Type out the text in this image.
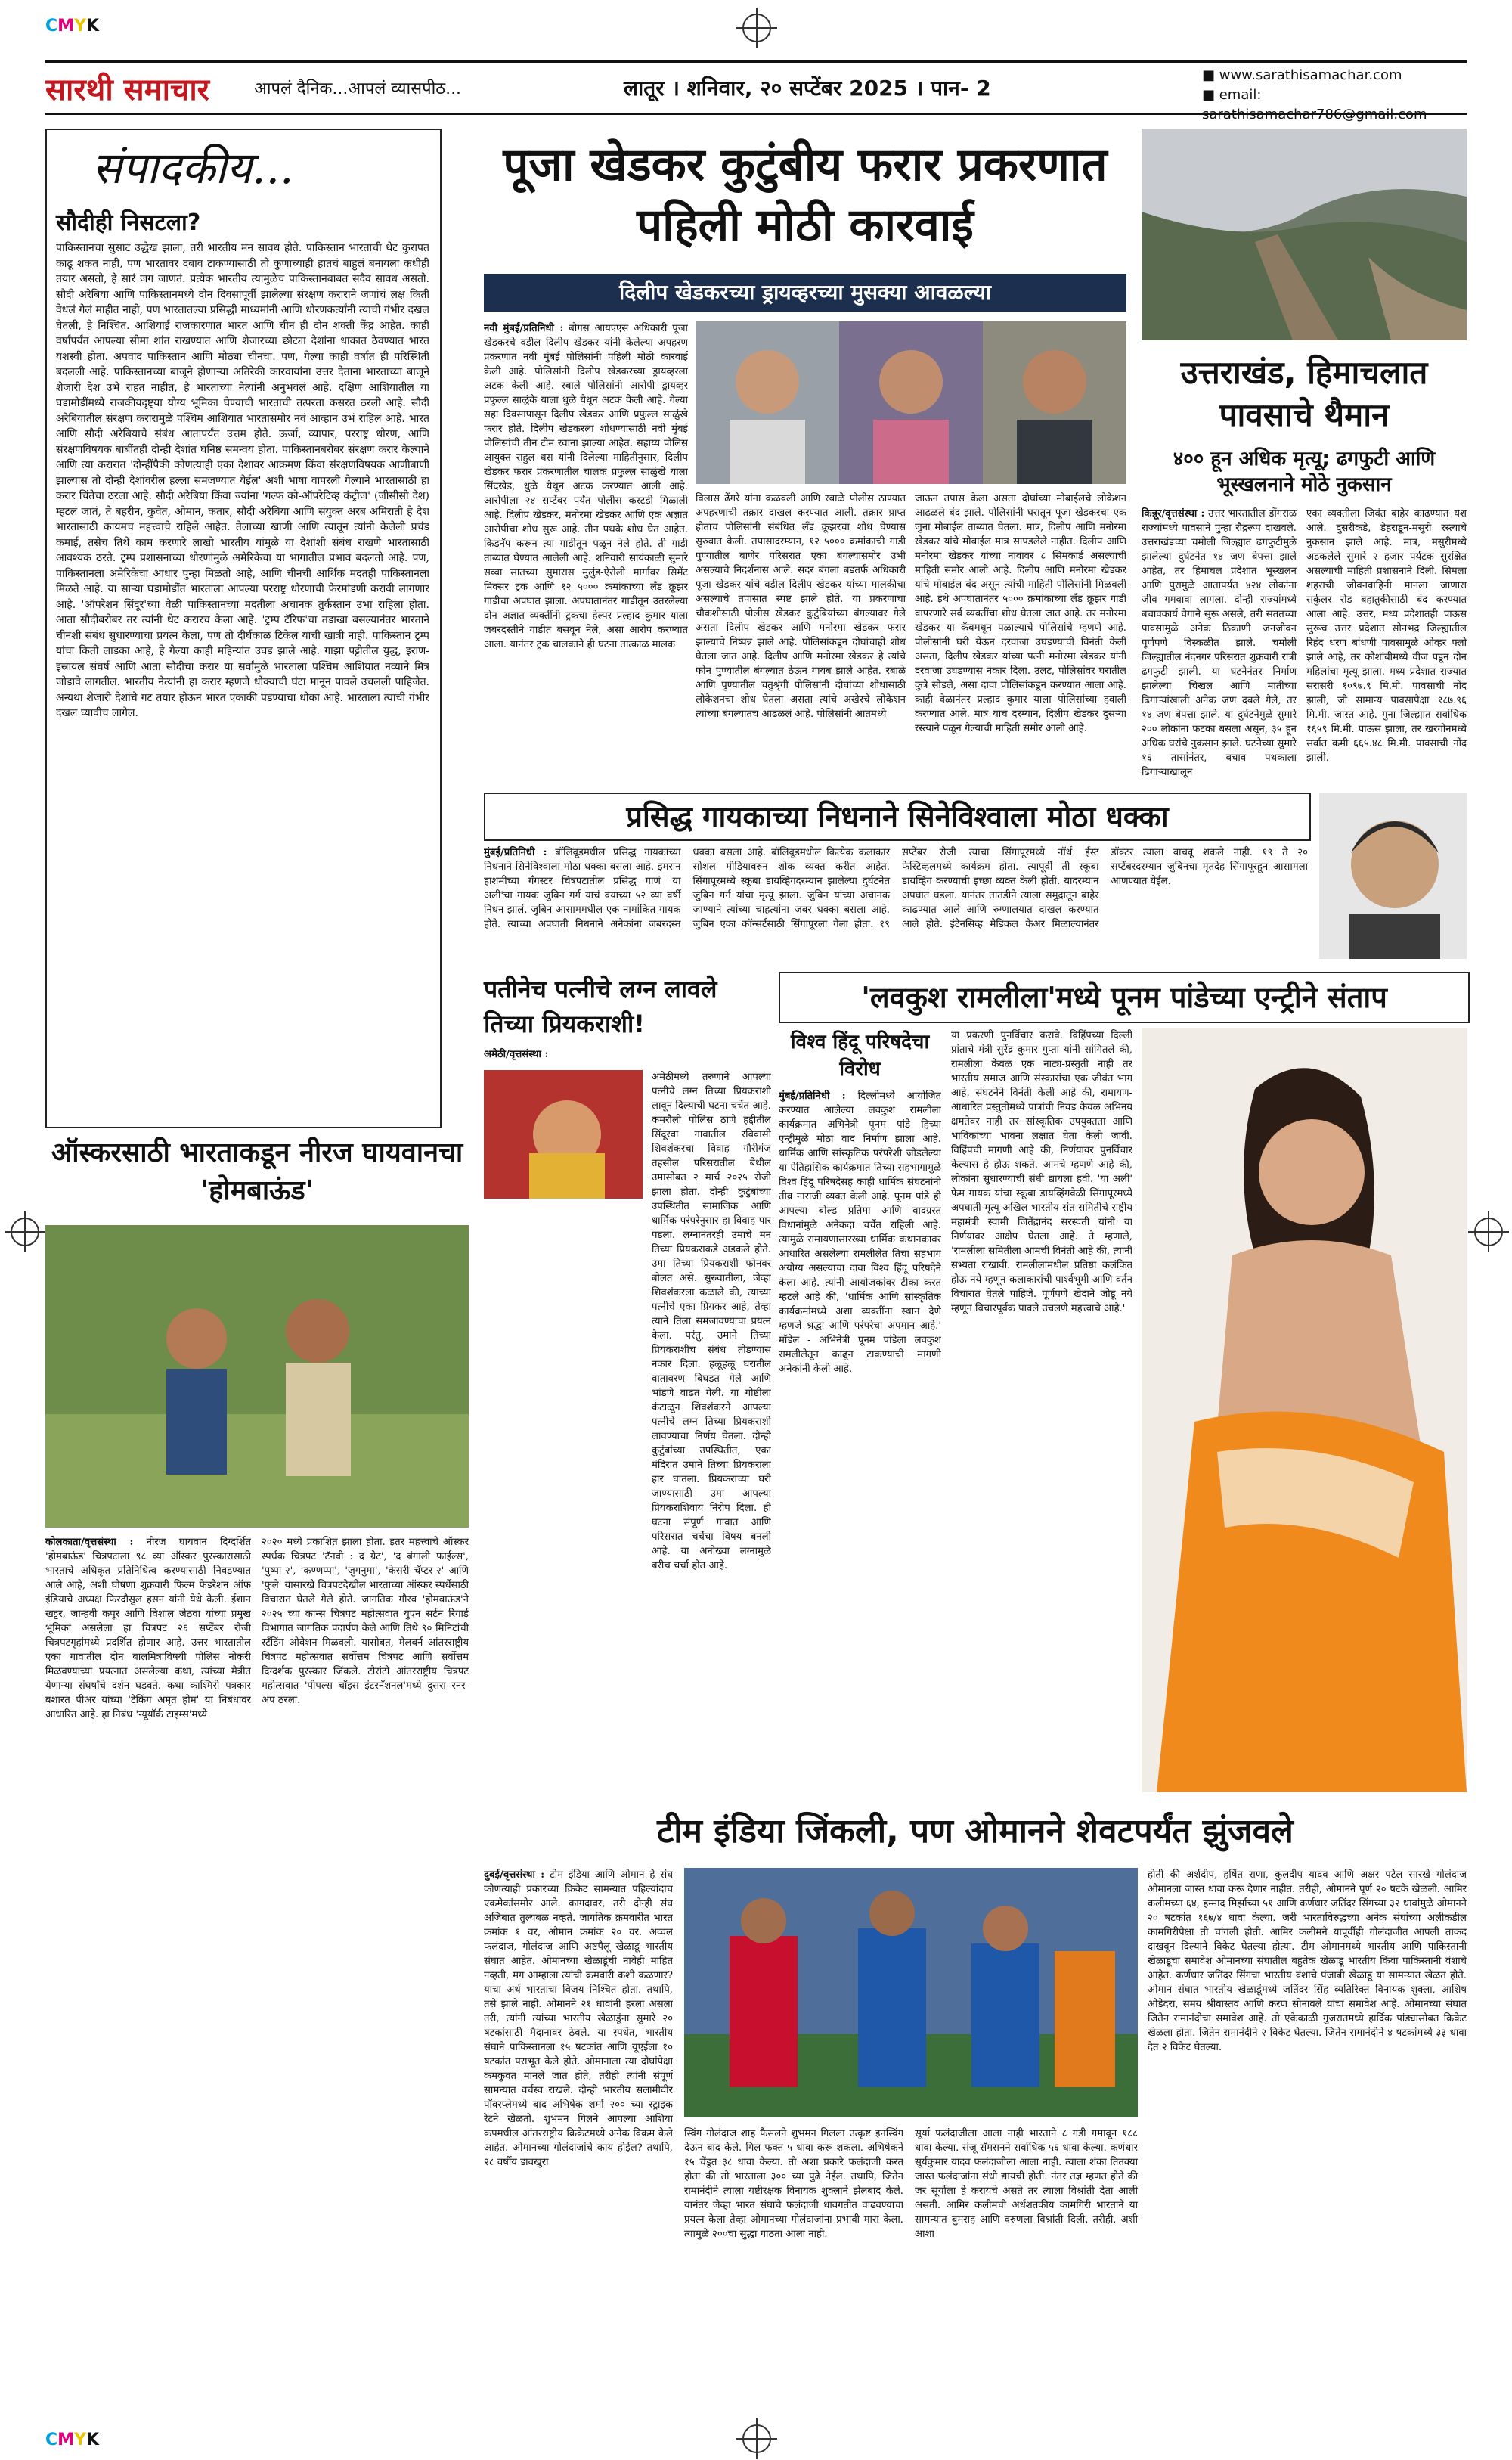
CMYK
सारथी समाचार	आपलं दैनिक...आपलं व्यासपीठ...	लातूर । शनिवार, २० सप्टेंबर 2025 । पान- 2
■ www.sarathisamachar.com
■ email: sarathisamachar786@gmail.com
संपादकीय...
सौदीही निसटला?
पाकिस्तानचा सुसाट उद्धेख झाला, तरी भारतीय मन सावध होते. पाकिस्तान भारताची थेट कुरापत काढू शकत नाही, पण भारतावर दबाव टाकण्यासाठी तो कुणाच्याही हातचं बाहुलं बनायला कधीही तयार असतो, हे सारं जग जाणतं. प्रत्येक भारतीय त्यामुळेच पाकिस्तानबाबत सदैव सावध असतो. सौदी अरेबिया आणि पाकिस्तानमध्ये दोन दिवसांपूर्वी झालेल्या संरक्षण कराराने जणांचं लक्ष किती वेधलं गेलं माहीत नाही, पण भारतातल्या प्रसिद्धी माध्यमांनी आणि धोरणकर्त्यांनी त्याची गंभीर दखल घेतली, हे निश्चित. आशियाई राजकारणात भारत आणि चीन ही दोन शक्ती केंद्र आहेत. काही वर्षांपर्यंत आपल्या सीमा शांत राखण्यात आणि शेजारच्या छोट्या देशांना धाकात ठेवण्यात भारत यशस्वी होता. अपवाद पाकिस्तान आणि मोठ्या चीनचा. पण, गेल्या काही वर्षात ही परिस्थिती बदलली आहे. पाकिस्तानच्या बाजूने होणाऱ्या अतिरेकी कारवायांना उत्तर देताना भारताच्या बाजूने शेजारी देश उभे राहत नाहीत, हे भारताच्या नेत्यांनी अनुभवलं आहे. दक्षिण आशियातील या घडामोडींमध्ये राजकीयदृष्ट्या योग्य भूमिका घेण्याची भारताची तत्परता कसरत ठरली आहे. सौदी अरेबियातील संरक्षण करारामुळे पश्चिम आशियात भारतासमोर नवं आव्हान उभं राहिलं आहे. भारत आणि सौदी अरेबियाचे संबंध आतापर्यंत उत्तम होते. ऊर्जा, व्यापार, परराष्ट्र धोरण, आणि संरक्षणविषयक बाबींतही दोन्ही देशांत घनिष्ठ समन्वय होता. पाकिस्तानबरोबर संरक्षण करार केल्याने आणि त्या करारात 'दोन्हींपैकी कोणत्याही एका देशावर आक्रमण किंवा संरक्षणविषयक आणीबाणी झाल्यास तो दोन्ही देशांवरील हल्ला समजण्यात येईल' अशी भाषा वापरली गेल्याने भारतासाठी हा करार चिंतेचा ठरला आहे. सौदी अरेबिया किंवा ज्यांना 'गल्फ को-ऑपरेटिव्ह कंट्रीज' (जीसीसी देश) म्हटलं जातं, ते बहरीन, कुवेत, ओमान, कतार, सौदी अरेबिया आणि संयुक्त अरब अमिराती हे देश भारतासाठी कायमच महत्त्वाचे राहिले आहेत. तेलाच्या खाणी आणि त्यातून त्यांनी केलेली प्रचंड कमाई, तसेच तिथे काम करणारे लाखो भारतीय यांमुळे या देशांशी संबंध राखणे भारतासाठी आवश्यक ठरते. ट्रम्प प्रशासनाच्या धोरणांमुळे अमेरिकेचा या भागातील प्रभाव बदलतो आहे. पण, पाकिस्तानला अमेरिकेचा आधार पुन्हा मिळतो आहे, आणि चीनची आर्थिक मदतही पाकिस्तानला मिळते आहे. या साऱ्या घडामोडींत भारताला आपल्या परराष्ट्र धोरणाची फेरमांडणी करावी लागणार आहे. 'ऑपरेशन सिंदूर'च्या वेळी पाकिस्तानच्या मदतीला अचानक तुर्कस्तान उभा राहिला होता. आता सौदीबरोबर तर त्यांनी थेट करारच केला आहे. 'ट्रम्प टॅरिफ'चा तडाखा बसल्यानंतर भारताने चीनशी संबंध सुधारण्याचा प्रयत्न केला, पण तो दीर्घकाळ टिकेल याची खात्री नाही. पाकिस्तान ट्रम्प यांचा किती लाडका आहे, हे गेल्या काही महिन्यांत उघड झाले आहे. गाझा पट्टीतील युद्ध, इराण-इस्रायल संघर्ष आणि आता सौदीचा करार या सर्वांमुळे भारताला पश्चिम आशियात नव्याने मित्र जोडावे लागतील. भारतीय नेत्यांनी हा करार म्हणजे धोक्याची घंटा मानून पावले उचलली पाहिजेत. अन्यथा शेजारी देशांचे गट तयार होऊन भारत एकाकी पडण्याचा धोका आहे. भारताला त्याची गंभीर दखल घ्यावीच लागेल.
पूजा खेडकर कुटुंबीय फरार प्रकरणात पहिली मोठी कारवाई
दिलीप खेडकरच्या ड्रायव्हरच्या मुसक्या आवळल्या
नवी मुंबई/प्रतिनिधी : बोगस आयएएस अधिकारी पूजा खेडकरचे वडील दिलीप खेडकर यांनी केलेल्या अपहरण प्रकरणात नवी मुंबई पोलिसांनी पहिली मोठी कारवाई केली आहे. पोलिसांनी दिलीप खेडकरच्या ड्रायव्हरला अटक केली आहे. रबाले पोलिसांनी आरोपी ड्रायव्हर प्रफुल्ल साळुंके याला धुळे येथून अटक केली आहे. गेल्या सहा दिवसापासून दिलीप खेडकर आणि प्रफुल्ल साळुंखे फरार होते. दिलीप खेडकरला शोधण्यासाठी नवी मुंबई पोलिसांची तीन टीम रवाना झाल्या आहेत. सहाय्य पोलिस आयुक्त राहुल धस यांनी दिलेल्या माहितीनुसार, दिलीप खेडकर फरार प्रकरणातील चालक प्रफुल्ल साळुंखे याला सिंदखेड, धुळे येथून अटक करण्यात आली आहे. आरोपीला २४ सप्टेंबर पर्यंत पोलीस कस्टडी मिळाली आहे. दिलीप खेडकर, मनोरमा खेडकर आणि एक अज्ञात आरोपीचा शोध सुरू आहे. तीन पथके शोध घेत आहेत. किडनॅप करून त्या गाडीतून पळून नेले होते. ती गाडी ताब्यात घेण्यात आलेली आहे. शनिवारी सायंकाळी सुमारे सव्वा सातच्या सुमारास मुलुंड-ऐरोली मार्गावर सिमेंट मिक्सर ट्रक आणि १२ ५००० क्रमांकाच्या लँड क्रूझर गाडीचा अपघात झाला. अपघातानंतर गाडीतून उतरलेल्या दोन अज्ञात व्यक्तींनी ट्रकचा हेल्पर प्रल्हाद कुमार याला जबरदस्तीने गाडीत बसवून नेले, असा आरोप करण्यात आला. यानंतर ट्रक चालकाने ही घटना तात्काळ मालक
विलास ढेंगरे यांना कळवली आणि रबाळे पोलीस ठाण्यात अपहरणाची तक्रार दाखल करण्यात आली. तक्रार प्राप्त होताच पोलिसांनी संबंधित लँड क्रूझरचा शोध घेण्यास सुरुवात केली. तपासादरम्यान, १२ ५००० क्रमांकाची गाडी पुण्यातील बाणेर परिसरात एका बंगल्यासमोर उभी असल्याचे निदर्शनास आले. सदर बंगला बडतर्फ अधिकारी पूजा खेडकर यांचे वडील दिलीप खेडकर यांच्या मालकीचा असल्याचे तपासात स्पष्ट झाले होते. या प्रकरणाचा चौकशीसाठी पोलीस खेडकर कुटुंबियांच्या बंगल्यावर गेले असता दिलीप खेडकर आणि मनोरमा खेडकर फरार झाल्याचे निष्पन्न झाले आहे. पोलिसांकडून दोघांचाही शोध घेतला जात आहे. दिलीप आणि मनोरमा खेडकर हे त्यांचे फोन पुण्यातील बंगल्यात ठेऊन गायब झाले आहेत. रबाळे आणि पुण्यातील चतुश्रृंगी पोलिसांनी दोघांच्या शोधासाठी लोकेशनचा शोध घेतला असता त्यांचे अखेरचे लोकेशन त्यांच्या बंगल्यातच आढळलं आहे. पोलिसांनी आतमध्ये
जाऊन तपास केला असता दोघांच्या मोबाईलचे लोकेशन आढळले बंद झाले. पोलिसांनी घरातून पूजा खेडकरचा एक जुना मोबाईल ताब्यात घेतला. मात्र, दिलीप आणि मनोरमा खेडकर यांचे मोबाईल मात्र सापडलेले नाहीत. दिलीप आणि मनोरमा खेडकर यांच्या नावावर ८ सिमकार्ड असल्याची माहिती समोर आली आहे. दिलीप आणि मनोरमा खेडकर यांचे मोबाईल बंद असून त्यांची माहिती पोलिसांनी मिळवली आहे. इथे अपघातानंतर ५००० क्रमांकाच्या लँड क्रूझर गाडी वापरणारे सर्व व्यक्तींचा शोध घेतला जात आहे. तर मनोरमा खेडकर या कॅबमधून पळाल्याचे पोलिसांचे म्हणणे आहे. पोलीसांनी घरी येऊन दरवाजा उघडण्याची विनंती केली असता, दिलीप खेडकर यांच्या पत्नी मनोरमा खेडकर यांनी दरवाजा उघडण्यास नकार दिला. उलट, पोलिसांवर घरातील कुत्रे सोडले, असा दावा पोलिसांकडून करण्यात आला आहे. काही वेळानंतर प्रल्हाद कुमार याला पोलिसांच्या हवाली करण्यात आले. मात्र याच दरम्यान, दिलीप खेडकर दुसऱ्या रस्त्याने पळून गेल्याची माहिती समोर आली आहे.
उत्तराखंड, हिमाचलात पावसाचे थैमान
४०० हून अधिक मृत्यू; ढगफुटी आणि भूस्खलनाने मोठे नुकसान
किन्नूर/वृत्तसंस्था : उत्तर भारतातील डोंगराळ राज्यांमध्ये पावसाने पुन्हा रौद्ररूप दाखवले. उत्तराखंडच्या चमोली जिल्ह्यात ढगफुटीमुळे झालेल्या दुर्घटनेत १४ जण बेपत्ता झाले आहेत, तर हिमाचल प्रदेशात भूस्खलन आणि पुरामुळे आतापर्यंत ४२४ लोकांना जीव गमवावा लागला. दोन्ही राज्यांमध्ये बचावकार्य वेगाने सुरू असले, तरी सततच्या पावसामुळे अनेक ठिकाणी जनजीवन पूर्णपणे विस्कळीत झाले. चमोली जिल्ह्यातील नंदनगर परिसरात शुक्रवारी रात्री ढगफुटी झाली. या घटनेनंतर निर्माण झालेल्या चिखल आणि मातीच्या ढिगाऱ्यांखाली अनेक जण दबले गेले, तर १४ जण बेपत्ता झाले. या दुर्घटनेमुळे सुमारे २०० लोकांना फटका बसला असून, ३५ हून अधिक घरांचे नुकसान झाले. घटनेच्या सुमारे १६ तासांनंतर, बचाव पथकाला ढिगाऱ्याखालून
एका व्यक्तीला जिवंत बाहेर काढण्यात यश आले. दुसरीकडे, डेहराडून-मसुरी रस्त्याचे नुकसान झाले आहे. मात्र, मसुरीमध्ये अडकलेले सुमारे २ हजार पर्यटक सुरक्षित असल्याची माहिती प्रशासनाने दिली. सिमला शहराची जीवनवाहिनी मानला जाणारा सर्कुलर रोड बहातुकीसाठी बंद करण्यात आला आहे. उत्तर, मध्य प्रदेशातही पाऊस सुरूच उत्तर प्रदेशात सोनभद्र जिल्ह्यातील रिहंद धरण बांधणी पावसामुळे ओव्हर फ्लो झाले आहे, तर कौशांबीमध्ये वीज पडून दोन महिलांचा मृत्यू झाला. मध्य प्रदेशात राज्यात सरासरी १०९७.९ मि.मी. पावसाची नोंद झाली, जी सामान्य पावसापेक्षा १८७.९६ मि.मी. जास्त आहे. गुना जिल्ह्यात सर्वाधिक १६५९ मि.मी. पाऊस झाला, तर खरगोनमध्ये सर्वात कमी ६६५.४८ मि.मी. पावसाची नोंद झाली.
प्रसिद्ध गायकाच्या निधनाने सिनेविश्वाला मोठा धक्का
मुंबई/प्रतिनिधी : बॉलिवूडमधील प्रसिद्ध गायकाच्या निधनाने सिनेविश्वाला मोठा धक्का बसला आहे. इमरान हाशमीच्या गँगस्टर चित्रपटातील प्रसिद्ध गाणं 'या अली'चा गायक जुबिन गर्ग याचं वयाच्या ५२ व्या वर्षी निधन झालं. जुबिन आसाममधील एक नामांकित गायक होते. त्याच्या अपघाती निधनाने अनेकांना जबरदस्त धक्का बसला आहे. बॉलिवूडमधील कित्येक कलाकार सोशल मीडियावरुन शोक व्यक्त करीत आहेत. सिंगापूरमध्ये स्कूबा डायव्हिंगदरम्यान झालेल्या दुर्घटनेत जुबिन गर्ग यांचा मृत्यू झाला. जुबिन यांच्या अचानक जाण्याने त्यांच्या चाहत्यांना जबर धक्का बसला आहे. जुबिन एका कॉन्सर्टसाठी सिंगापूरला गेला होता. १९ सप्टेंबर रोजी त्याचा सिंगापूरमध्ये नॉर्थ ईस्ट फेस्टिव्हलमध्ये कार्यक्रम होता. त्यापूर्वी ती स्कूबा डायव्हिंग करण्याची इच्छा व्यक्त केली होती. यादरम्यान अपघात घडला. यानंतर तातडीने त्याला समुद्रातून बाहेर काढण्यात आले आणि रुग्णालयात दाखल करण्यात आले होते. इंटेनसिव्ह मेडिकल केअर मिळाल्यानंतर डॉक्टर त्याला वाचवू शकले नाही. १९ ते २० सप्टेंबरदरम्यान जुबिनचा मृतदेह सिंगापूरहून आसामला आणण्यात येईल.
पतीनेच पत्नीचे लग्न लावले तिच्या प्रियकराशी!
अमेठी/वृत्तसंस्था :
अमेठीमध्ये तरुणाने आपल्या पत्नीचे लग्न तिच्या प्रियकराशी लावून दिल्याची घटना चर्चेत आहे. कमरौली पोलिस ठाणे हद्दीतील सिंदूरवा गावातील रविवासी शिवशंकरचा विवाह गौरीगंज तहसील परिसरातील बेथील उमासोबत २ मार्च २०२५ रोजी झाला होता. दोन्ही कुटुंबांच्या उपस्थितीत सामाजिक आणि धार्मिक परंपरेनुसार हा विवाह पार पडला. लग्नानंतरही उमाचे मन तिच्या प्रियकराकडे अडकले होते. उमा तिच्या प्रियकराशी फोनवर बोलत असे. सुरुवातीला, जेव्हा शिवशंकरला कळाले की, त्याच्या पत्नीचे एका प्रियकर आहे, तेव्हा त्याने तिला समजावण्याचा प्रयत्न केला. परंतु, उमाने तिच्या प्रियकराशीच संबंध तोडण्यास नकार दिला. हळूहळू घरातील वातावरण बिघडत गेले आणि भांडणे वाढत गेली. या गोष्टीला कंटाळून शिवशंकरने आपल्या पत्नीचे लग्न तिच्या प्रियकराशी लावण्याचा निर्णय घेतला. दोन्ही कुटुंबांच्या उपस्थितीत, एका मंदिरात उमाने तिच्या प्रियकराला हार घातला. प्रियकराच्या घरी जाण्यासाठी उमा आपल्या प्रियकराशिवाय निरोप दिला. ही घटना संपूर्ण गावात आणि परिसरात चर्चेचा विषय बनली आहे. या अनोख्या लग्नामुळे बरीच चर्चा होत आहे.
'लवकुश रामलीला'मध्ये पूनम पांडेच्या एन्ट्रीने संताप
विश्व हिंदू परिषदेचा विरोध
मुंबई/प्रतिनिधी : दिल्लीमध्ये आयोजित करण्यात आलेल्या लवकुश रामलीला कार्यक्रमात अभिनेत्री पूनम पांडे हिच्या एन्ट्रीमुळे मोठा वाद निर्माण झाला आहे. धार्मिक आणि सांस्कृतिक परंपरेशी जोडलेल्या या ऐतिहासिक कार्यक्रमात तिच्या सहभागामुळे विश्व हिंदू परिषदेसह काही धार्मिक संघटनांनी तीव्र नाराजी व्यक्त केली आहे. पूनम पांडे ही आपल्या बोल्ड प्रतिमा आणि वादग्रस्त विधानांमुळे अनेकदा चर्चेत राहिली आहे. त्यामुळे रामायणासारख्या धार्मिक कथानकावर आधारित असलेल्या रामलीलेत तिचा सहभाग अयोग्य असल्याचा दावा विश्व हिंदू परिषदेने केला आहे. त्यांनी आयोजकांवर टीका करत म्हटले आहे की, 'धार्मिक आणि सांस्कृतिक कार्यक्रमांमध्ये अशा व्यक्तींना स्थान देणे म्हणजे श्रद्धा आणि परंपरेचा अपमान आहे.' मॉडेल - अभिनेत्री पूनम पांडेला लवकुश रामलीलेतून काढून टाकण्याची मागणी अनेकांनी केली आहे.
या प्रकरणी पुनर्विचार करावे. विहिंपच्या दिल्ली प्रांताचे मंत्री सुरेंद्र कुमार गुप्ता यांनी सांगितले की, रामलीला केवळ एक नाट्य-प्रस्तुती नाही तर भारतीय समाज आणि संस्कारांचा एक जीवंत भाग आहे. संघटनेने विनंती केली आहे की, रामायण-आधारित प्रस्तुतीमध्ये पात्रांची निवड केवळ अभिनय क्षमतेवर नाही तर सांस्कृतिक उपयुक्तता आणि भाविकांच्या भावना लक्षात घेता केली जावी. विहिंपची मागणी आहे की, निर्णयावर पुनर्विचार केल्यास हे होऊ शकते. आमचे म्हणणे आहे की, लोकांना सुधारण्याची संधी द्यायला हवी. 'या अली' फेम गायक यांचा स्कूबा डायव्हिंगवेळी सिंगापूरमध्ये अपघाती मृत्यू अखिल भारतीय संत समितीचे राष्ट्रीय महामंत्री स्वामी जितेंद्रानंद सरस्वती यांनी या निर्णयावर आक्षेप घेतला आहे. ते म्हणाले, 'रामलीला समितीला आमची विनंती आहे की, त्यांनी सभ्यता राखावी. रामलीलामधील प्रतिष्ठा कलंकित होऊ नये म्हणून कलाकारांची पार्श्वभूमी आणि वर्तन विचारात घेतले पाहिजे. पूर्णपणे खेदाने जोडू नये म्हणून विचारपूर्वक पावले उचलणे महत्त्वाचे आहे.'
ऑस्करसाठी भारताकडून नीरज घायवानचा 'होमबाऊंड'
कोलकाता/वृत्तसंस्था : नीरज घायवान दिग्दर्शित 'होमबाऊंड' चित्रपटाला ९८ व्या ऑस्कर पुरस्कारासाठी भारताचे अधिकृत प्रतिनिधित्व करण्यासाठी निवडण्यात आले आहे, अशी घोषणा शुक्रवारी फिल्म फेडरेशन ऑफ इंडियाचे अध्यक्ष फिरदौसुल हसन यांनी येथे केली. ईशान खट्टर, जान्हवी कपूर आणि विशाल जेठवा यांच्या प्रमुख भूमिका असलेला हा चित्रपट २६ सप्टेंबर रोजी चित्रपटगृहांमध्ये प्रदर्शित होणार आहे. उत्तर भारतातील एका गावातील दोन बालमित्रांविषयी पोलिस नोकरी मिळवण्याच्या प्रयत्नात असलेल्या कथा, त्यांच्या मैत्रीत येणाऱ्या संघर्षांचे दर्शन घडवते. कथा काश्मिरी पत्रकार बशारत पीअर यांच्या 'टेकिंग अमृत होम' या निबंधावर आधारित आहे. हा निबंध 'न्यूयॉर्क टाइम्स'मध्ये
२०२० मध्ये प्रकाशित झाला होता. इतर महत्त्वाचे ऑस्कर स्पर्धक चित्रपट 'टॅनवी : द ग्रेट', 'द बंगाली फाईल्स', 'पुष्पा-२', 'कण्णप्पा', 'जुगनुमा', 'केसरी चॅप्टर-२' आणि 'फुले' यासारखे चित्रपटदेखील भारताच्या ऑस्कर स्पर्धेसाठी विचारात घेतले गेले होते. जागतिक गौरव 'होमबाऊंड'ने २०२५ च्या कान्स चित्रपट महोत्सवात युएन सर्टन रिगार्ड विभागात जागतिक पदार्पण केले आणि तिथे ९० मिनिटांची स्टँडिंग ओवेशन मिळवली. यासोबत, मेलबर्न आंतरराष्ट्रीय चित्रपट महोत्सवात सर्वोत्तम चित्रपट आणि सर्वोत्तम दिग्दर्शक पुरस्कार जिंकले. टोरांटो आंतरराष्ट्रीय चित्रपट महोत्सवात 'पीपल्स चॉइस इंटरनॅशनल'मध्ये दुसरा रनर-अप ठरला.
टीम इंडिया जिंकली, पण ओमानने शेवटपर्यंत झुंजवले
दुबई/वृत्तसंस्था : टीम इंडिया आणि ओमान हे संघ कोणत्याही प्रकारच्या क्रिकेट सामन्यात पहिल्यांदाच एकमेकांसमोर आले. कागदावर, तरी दोन्ही संघ अजिबात तुल्यबळ नव्हते. जागतिक क्रमवारीत भारत क्रमांक १ वर, ओमान क्रमांक २० वर. अव्वल फलंदाज, गोलंदाज आणि अष्टपैलू खेळाडू भारतीय संघात आहेत. ओमानच्या खेळाडूंची नावेही माहित नव्हती, मग आम्हाला त्यांची क्रमवारी कशी कळणार? याचा अर्थ भारताचा विजय निश्चित होता. तथापि, तसे झाले नाही. ओमानने २१ धावांनी हरला असला तरी, त्यांनी त्यांच्या भारतीय खेळाडूंना सुमारे २० षटकांसाठी मैदानावर ठेवले. या स्पर्धेत, भारतीय संघाने पाकिस्तानला १५ षटकांत आणि यूएईला १० षटकांत पराभूत केले होते. ओमानाला त्या दोघांपेक्षा कमकुवत मानले जात होते, तरीही त्यांनी संपूर्ण सामन्यात वर्चस्व राखले. दोन्ही भारतीय सलामीवीर पॉवरप्लेमध्ये बाद अभिषेक शर्मा २०० च्या स्ट्राइक रेटने खेळतो. शुभमन गिलने आपल्या आशिया कपमधील आंतरराष्ट्रीय क्रिकेटमध्ये अनेक विक्रम केले आहेत. ओमानच्या गोलंदाजांचे काय होईल? तथापि, २८ वर्षीय डावखुरा
स्विंग गोलंदाज शाह फैसलने शुभमन गिलला उत्कृष्ट इनस्विंग देऊन बाद केले. गिल फक्त ५ धावा करू शकला. अभिषेकने १५ चेंडूत ३८ धावा केल्या. तो अशा प्रकारे फलंदाजी करत होता की तो भारताला ३०० च्या पुढे नेईल. तथापि, जितेन रामानंदीने त्याला यष्टीरक्षक विनायक शुक्लाने झेलबाद केले. यानंतर जेव्हा भारत संघाचे फलंदाजी धावगतीत वाढवण्याचा प्रयत्न केला तेव्हा ओमानच्या गोलंदाजांना प्रभावी मारा केला. त्यामुळे २००चा सुद्धा गाठता आला नाही.
सूर्या फलंदाजीला आला नाही भारताने ८ गडी गमावून १८८ धावा केल्या. संजू सॅमसनने सर्वाधिक ५६ धावा केल्या. कर्णधार सूर्यकुमार यादव फलंदाजीला आला नाही. त्याला शंका तितक्या जास्त फलंदाजांना संधी द्यायची होती. नंतर तज्ञ म्हणत होते की जर सूर्याला हे करायचे असते तर त्याला विश्रांती देता आली असती. आमिर कलीमची अर्धशतकीय कामगिरी भारताने या सामन्यात बुमराह आणि वरुणला विश्रांती दिली. तरीही, अशी आशा
होती की अर्शदीप, हर्षित राणा, कुलदीप यादव आणि अक्षर पटेल सारखे गोलंदाज ओमानला जास्त धावा करू देणार नाहीत. तरीही, ओमानने पूर्ण २० षटके खेळली. आमिर कलीमच्या ६४, हम्माद मिर्झाच्या ५१ आणि कर्णधार जतिंदर सिंगच्या ३२ धावांमुळे ओमानने २० षटकांत १६७/४ धावा केल्या. जरी भारताविरुद्धच्या अनेक संघांच्या अलीकडील कामगिरीपेक्षा ती चांगली होती. आमिर कलीमने यापूर्वीही गोलंदाजीत आपली ताकद दाखवून दिल्याने विकेट घेतल्या होत्या. टीम ओमानमध्ये भारतीय आणि पाकिस्तानी खेळाडूंचा समावेश ओमानच्या संघातील बहुतेक खेळाडू भारतीय किंवा पाकिस्तानी वंशाचे आहेत. कर्णधार जतिंदर सिंगचा भारतीय वंशाचे पंजाबी खेळाडू या सामन्यात खेळत होते. ओमान संघात भारतीय खेळाडूंमध्ये जतिंदर सिंह व्यतिरिक्त विनायक शुक्ला, आशिष ओडेदरा, समय श्रीवास्तव आणि करण सोनावले यांचा समावेश आहे. ओमानच्या संघात जितेन रामानंदीचा समावेश आहे. तो एकेकाळी गुजरातमध्ये हार्दिक पांड्यासोबत क्रिकेट खेळला होता. जितेन रामानंदीने २ विकेट घेतल्या. जितेन रामानंदीने ४ षटकांमध्ये ३३ धावा देत २ विकेट घेतल्या.
CMYK
